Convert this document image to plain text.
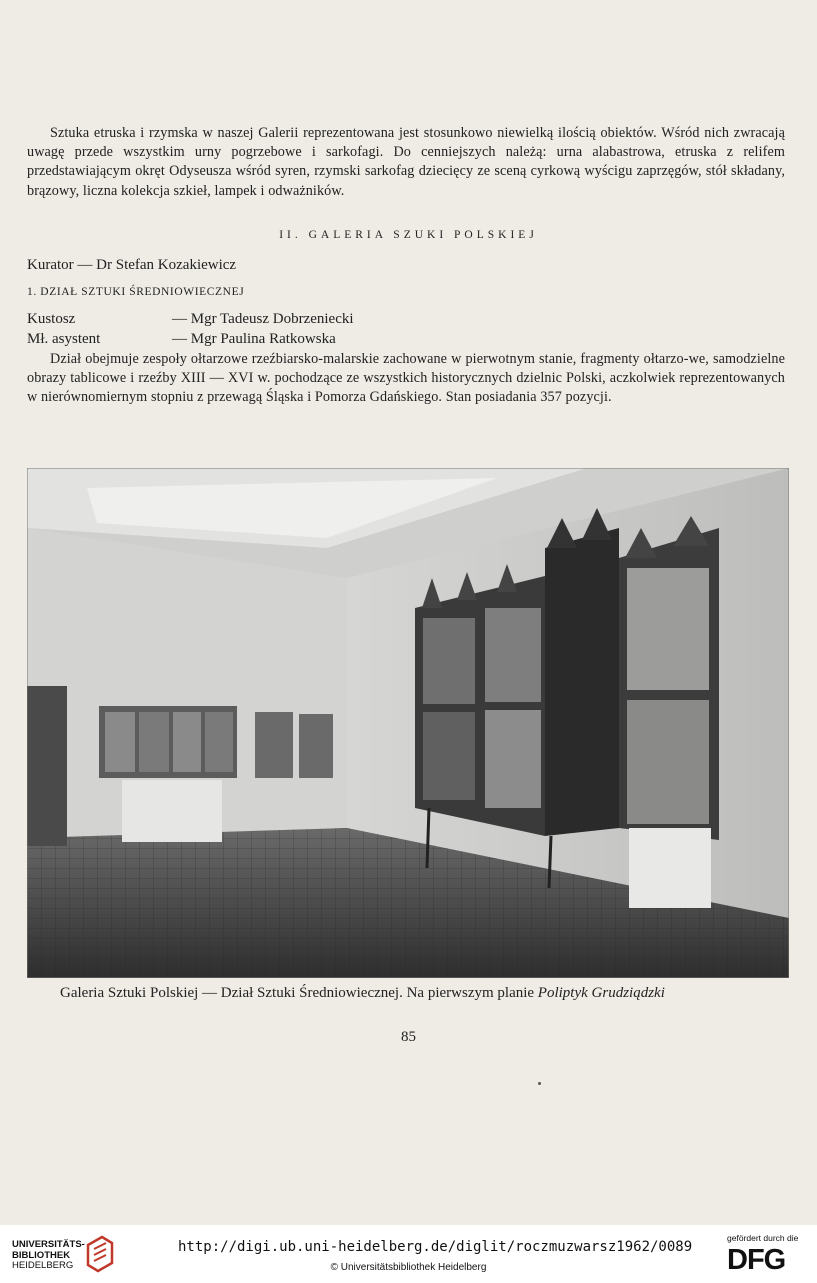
Sztuka etruska i rzymska w naszej Galerii reprezentowana jest stosunkowo niewielką ilością obiektów. Wśród nich zwracają uwagę przede wszystkim urny pogrzebowe i sarkofagi. Do cenniejszych należą: urna alabastrowa, etruska z relifem przedstawiającym okręt Odyseusza wśród syren, rzymski sarkofag dziecięcy ze sceną cyrkową wyścigu zaprzęgów, stół składany, brązowy, liczna kolekcja szkieł, lampek i odważników.

II. GALERIA SZUKI POLSKIEJ
Kurator — Dr Stefan Kozakiewicz
1. DZIAŁ SZTUKI ŚREDNIOWIECZNEJ
Kustosz	— Mgr Tadeusz Dobrzeniecki
Mł. asystent	— Mgr Paulina Ratkowska

Dział obejmuje zespoły ołtarzowe rzeźbiarsko-malarskie zachowane w pierwotnym stanie, fragmenty ołtarzo-we, samodzielne obrazy tablicowe i rzeźby XIII — XVI w. pochodzące ze wszystkich historycznych dzielnic Polski, aczkolwiek reprezentowanych w nierównomiernym stopniu z przewagą Śląska i Pomorza Gdańskiego. Stan posiadania 357 pozycji.

Galeria Sztuki Polskiej — Dział Sztuki Średniowiecznej. Na pierwszym planie Poliptyk Grudziądzki
85
UNIVERSITÄTS-
BIBLIOTHEK
HEIDELBERG
http://digi.ub.uni-heidelberg.de/diglit/roczmuzwarsz1962/0089
© Universitätsbibliothek Heidelberg
gefördert durch die
DFG
